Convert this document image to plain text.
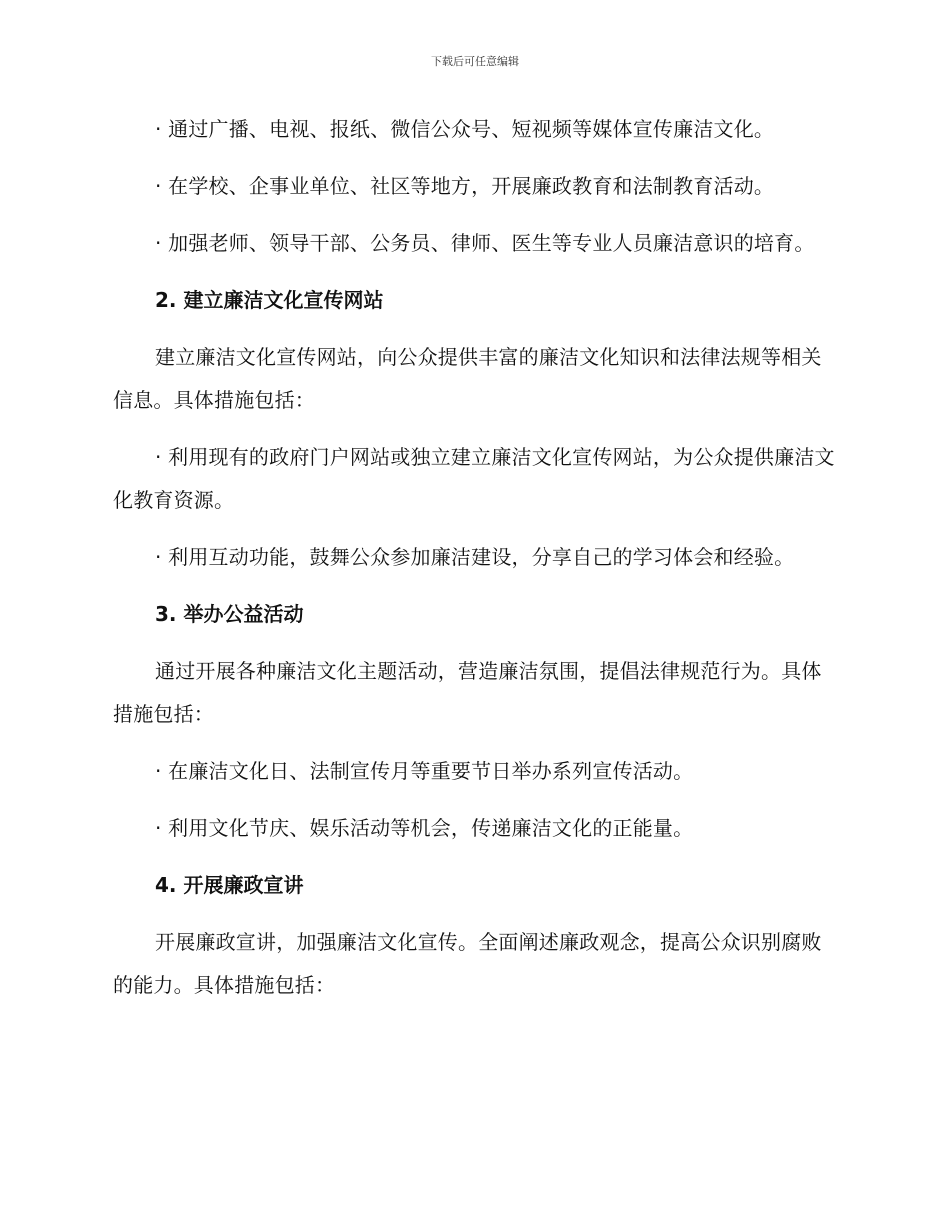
下载后可任意编辑

· 通过广播、电视、报纸、微信公众号、短视频等媒体宣传廉洁文化。

· 在学校、企事业单位、社区等地方，开展廉政教育和法制教育活动。

· 加强老师、领导干部、公务员、律师、医生等专业人员廉洁意识的培育。

2. 建立廉洁文化宣传网站

建立廉洁文化宣传网站，向公众提供丰富的廉洁文化知识和法律法规等相关信息。具体措施包括：

· 利用现有的政府门户网站或独立建立廉洁文化宣传网站，为公众提供廉洁文化教育资源。

· 利用互动功能，鼓舞公众参加廉洁建设，分享自己的学习体会和经验。

3. 举办公益活动

通过开展各种廉洁文化主题活动，营造廉洁氛围，提倡法律规范行为。具体措施包括：

· 在廉洁文化日、法制宣传月等重要节日举办系列宣传活动。

· 利用文化节庆、娱乐活动等机会，传递廉洁文化的正能量。

4. 开展廉政宣讲

开展廉政宣讲，加强廉洁文化宣传。全面阐述廉政观念，提高公众识别腐败的能力。具体措施包括：
